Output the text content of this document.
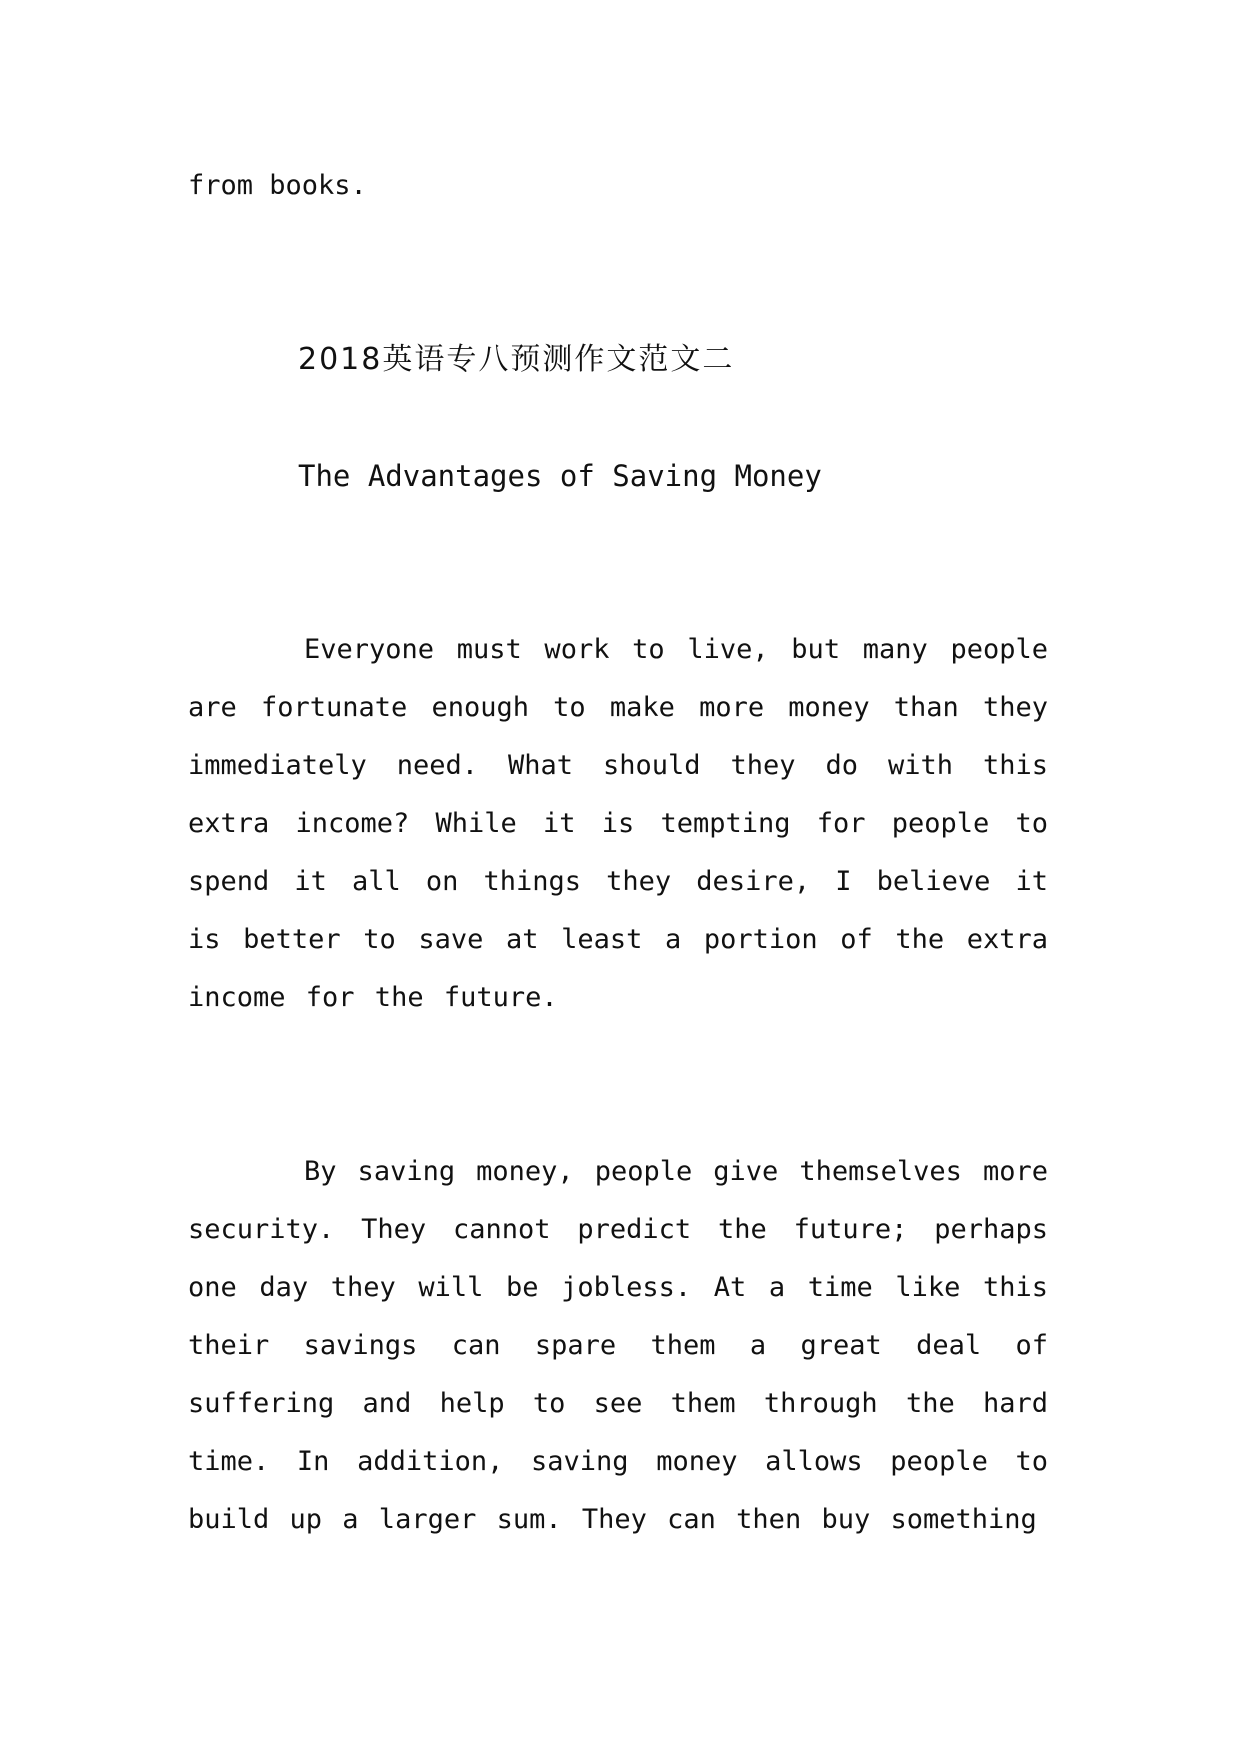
from books.

2018英语专八预测作文范文二
The Advantages of Saving Money

Everyone must work to live, but many people are fortunate enough to make more money than they immediately need. What should they do with this extra income? While it is tempting for people to spend it all on things they desire, I believe it is better to save at least a portion of the extra income for the future.

By saving money, people give themselves more security. They cannot predict the future; perhaps one day they will be jobless. At a time like this their savings can spare them a great deal of suffering and help to see them through the hard time. In addition, saving money allows people to build up a larger sum. They can then buy something
